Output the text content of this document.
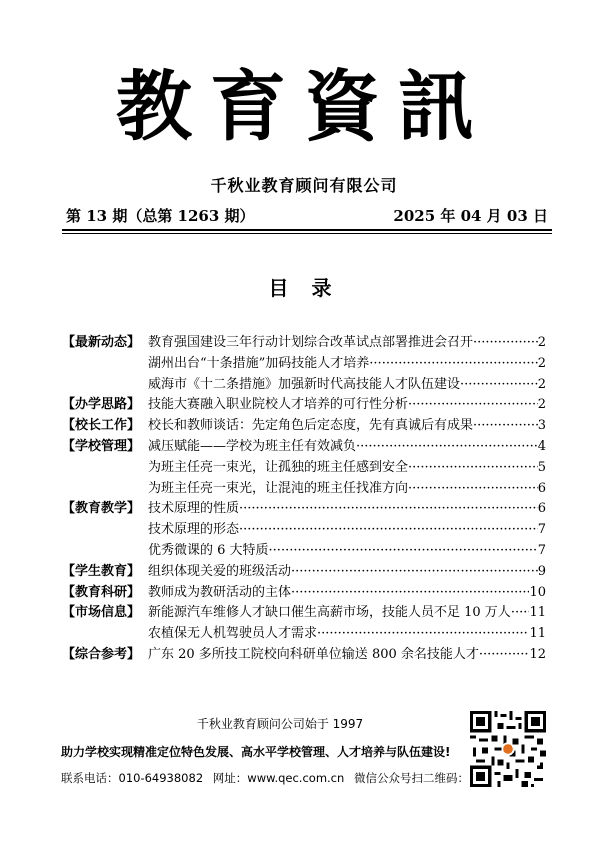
教育資訊
千秋业教育顾问有限公司
第 13 期（总第 1263 期）	2025 年 04 月 03 日
目 录
【最新动态】 教育强国建设三年行动计划综合改革试点部署推进会召开 ·····	2
湖州出台“十条措施”加码技能人才培养 ·····	2
威海市《十二条措施》加强新时代高技能人才队伍建设 ·····	2
【办学思路】 技能大赛融入职业院校人才培养的可行性分析 ·····	2
【校长工作】 校长和教师谈话：先定角色后定态度，先有真诚后有成果 ·····	3
【学校管理】 减压赋能——学校为班主任有效减负 ·····	4
为班主任亮一束光，让孤独的班主任感到安全 ·····	5
为班主任亮一束光，让混沌的班主任找准方向 ·····	6
【教育教学】 技术原理的性质 ·····	6
技术原理的形态 ·····	7
优秀微课的 6 大特质 ·····	7
【学生教育】 组织体现关爱的班级活动 ·····	9
【教育科研】 教师成为教研活动的主体 ·····	10
【市场信息】 新能源汽车维修人才缺口催生高薪市场，技能人员不足 10 万人 ····· 11
农植保无人机驾驶员人才需求 ·····	11
【综合参考】 广东 20 多所技工院校向科研单位输送 800 余名技能人才 ·····	12
千秋业教育顾问公司始于 1997
助力学校实现精准定位特色发展、高水平学校管理、人才培养与队伍建设!
联系电话：010-64938082 网址：www.qec.com.cn 微信公众号扫二维码：
